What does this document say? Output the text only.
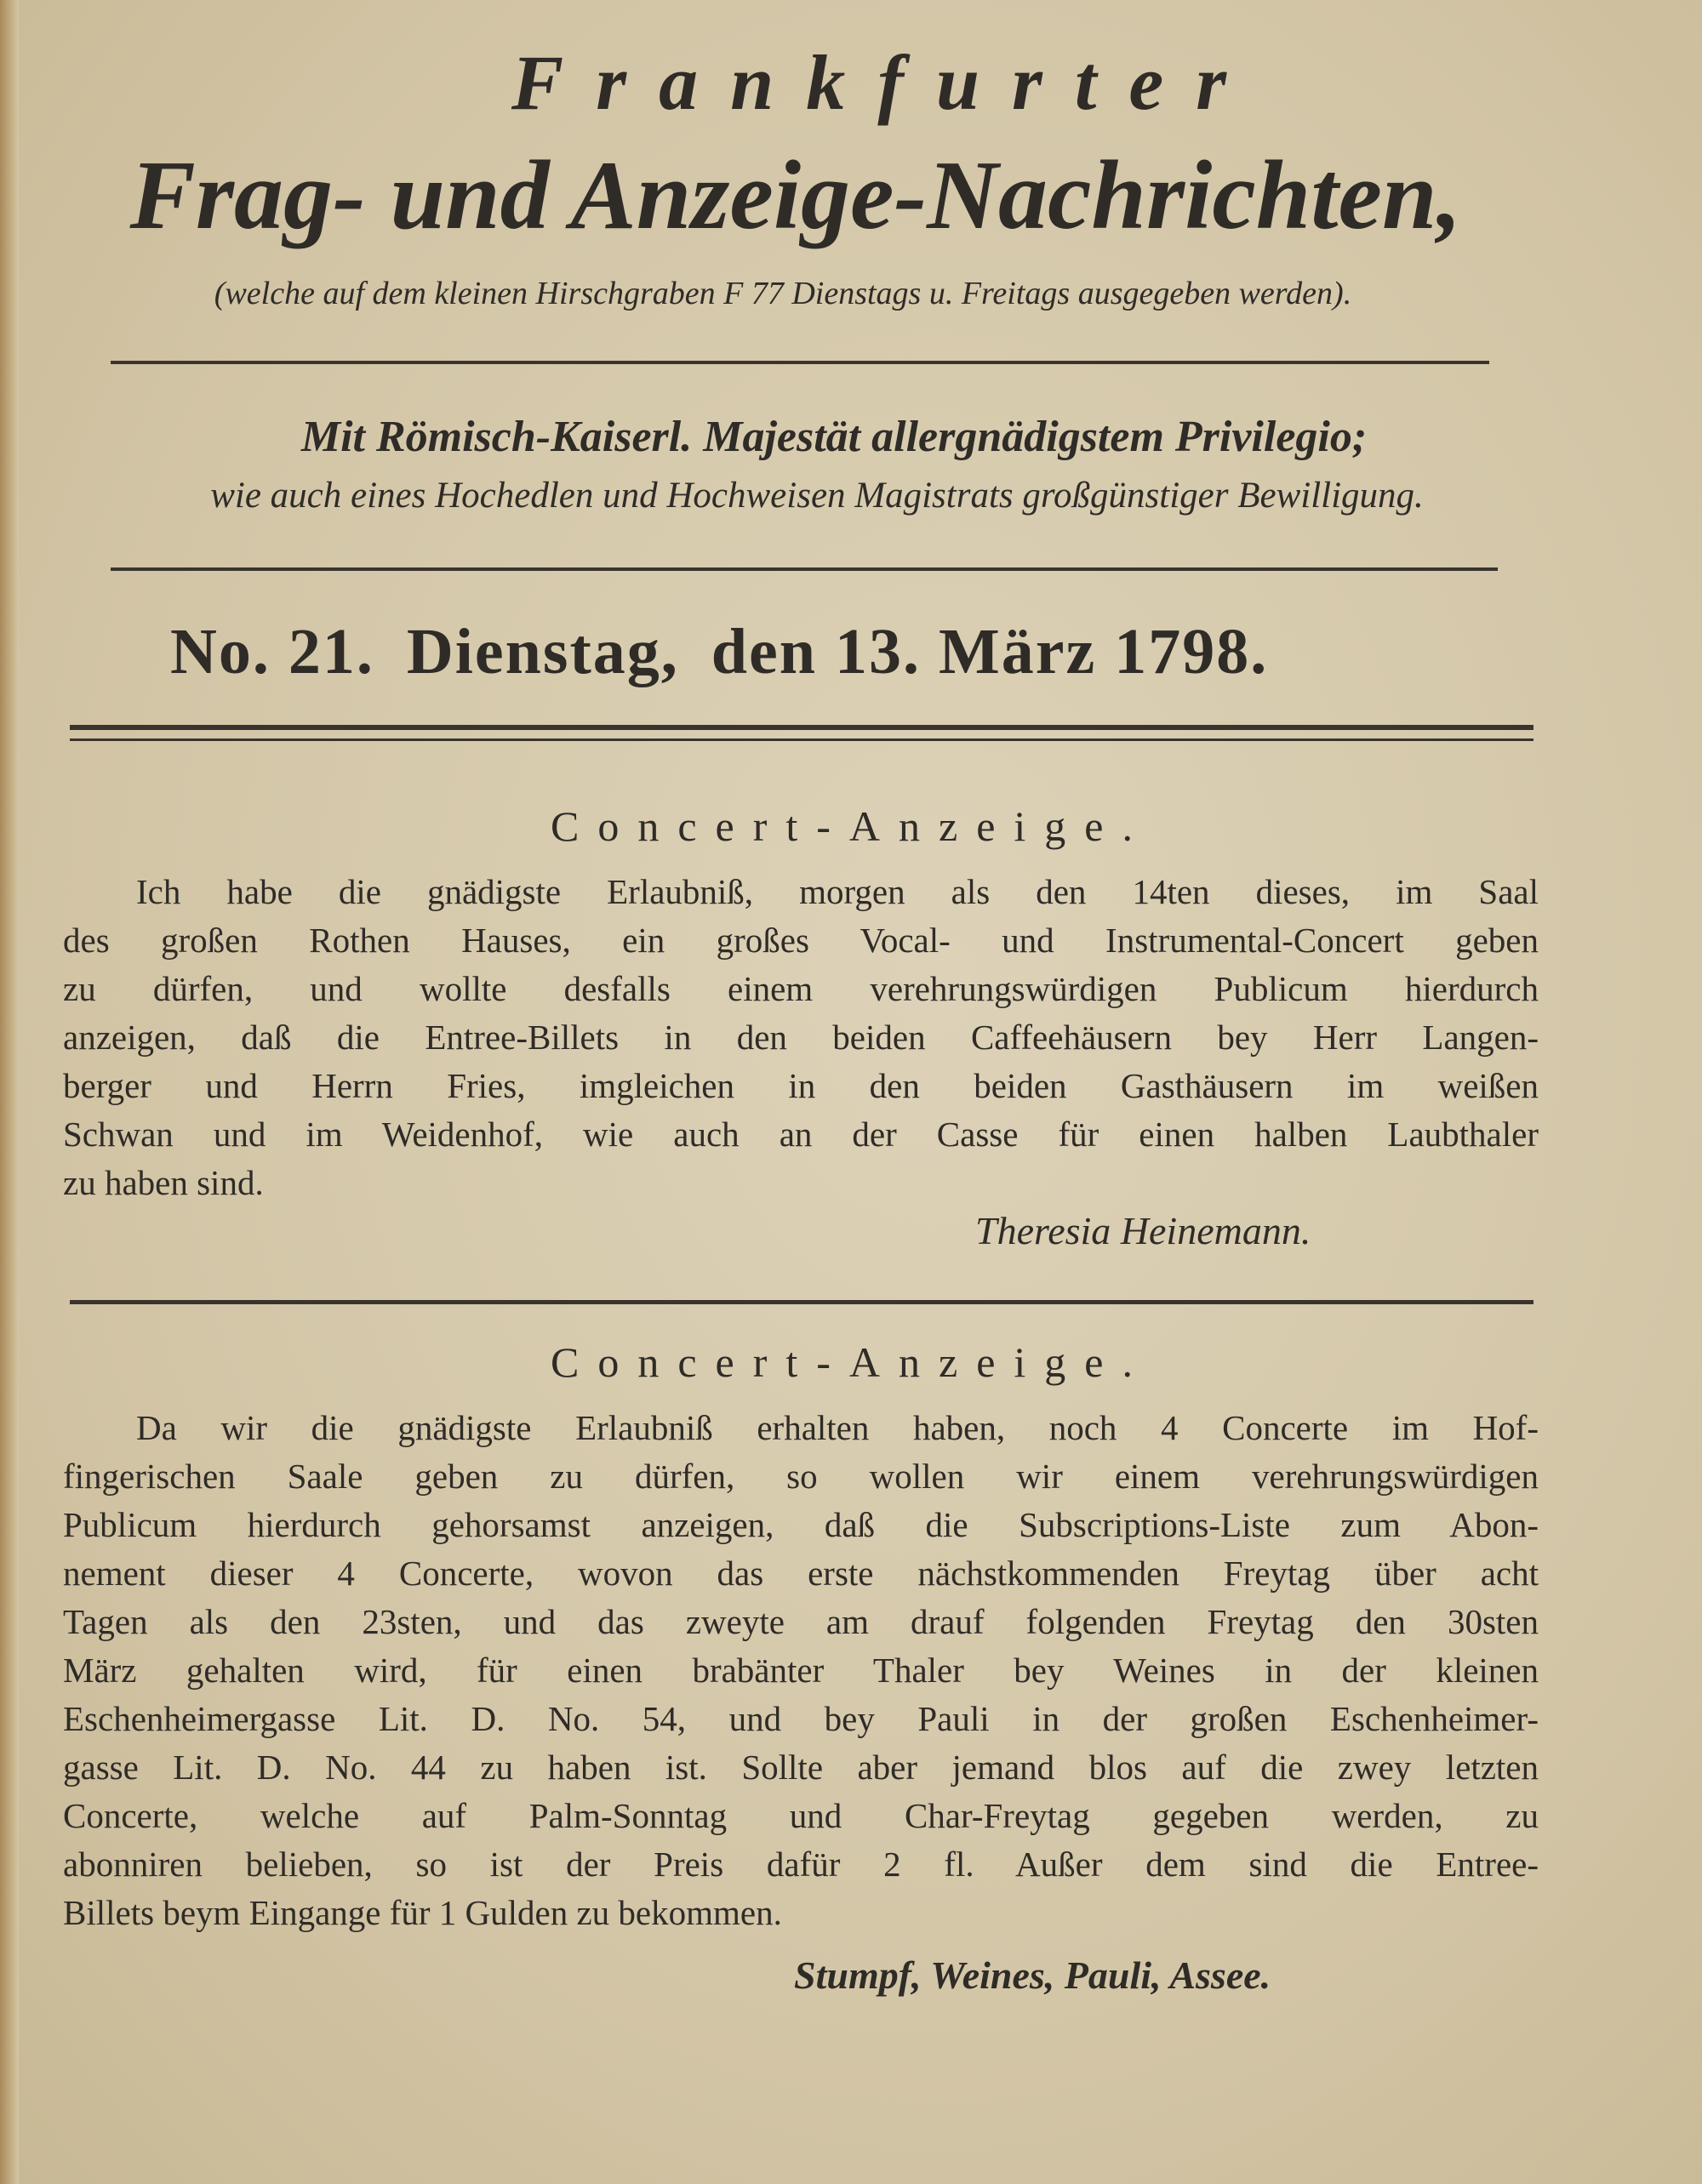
Frankfurter
Frag- und Anzeige-Nachrichten,
(welche auf dem kleinen Hirschgraben F 77 Dienstags u. Freitags ausgegeben werden).
Mit Römisch-Kaiserl. Majestät allergnädigstem Privilegio;
wie auch eines Hochedlen und Hochweisen Magistrats großgünstiger Bewilligung.
No. 21. Dienstag, den 13. März 1798.
Concert-Anzeige.
Ich habe die gnädigste Erlaubniß, morgen als den 14ten dieses, im Saal
des großen Rothen Hauses, ein großes Vocal- und Instrumental-Concert geben
zu dürfen, und wollte desfalls einem verehrungswürdigen Publicum hierdurch
anzeigen, daß die Entree-Billets in den beiden Caffeehäusern bey Herr Langen-
berger und Herrn Fries, imgleichen in den beiden Gasthäusern im weißen
Schwan und im Weidenhof, wie auch an der Casse für einen halben Laubthaler
zu haben sind.
Theresia Heinemann.
Concert-Anzeige.
Da wir die gnädigste Erlaubniß erhalten haben, noch 4 Concerte im Hof-
fingerischen Saale geben zu dürfen, so wollen wir einem verehrungswürdigen
Publicum hierdurch gehorsamst anzeigen, daß die Subscriptions-Liste zum Abon-
nement dieser 4 Concerte, wovon das erste nächstkommenden Freytag über acht
Tagen als den 23sten, und das zweyte am drauf folgenden Freytag den 30sten
März gehalten wird, für einen brabänter Thaler bey Weines in der kleinen
Eschenheimergasse Lit. D. No. 54, und bey Pauli in der großen Eschenheimer-
gasse Lit. D. No. 44 zu haben ist. Sollte aber jemand blos auf die zwey letzten
Concerte, welche auf Palm-Sonntag und Char-Freytag gegeben werden, zu
abonniren belieben, so ist der Preis dafür 2 fl. Außer dem sind die Entree-
Billets beym Eingange für 1 Gulden zu bekommen.
Stumpf, Weines, Pauli, Assee.
